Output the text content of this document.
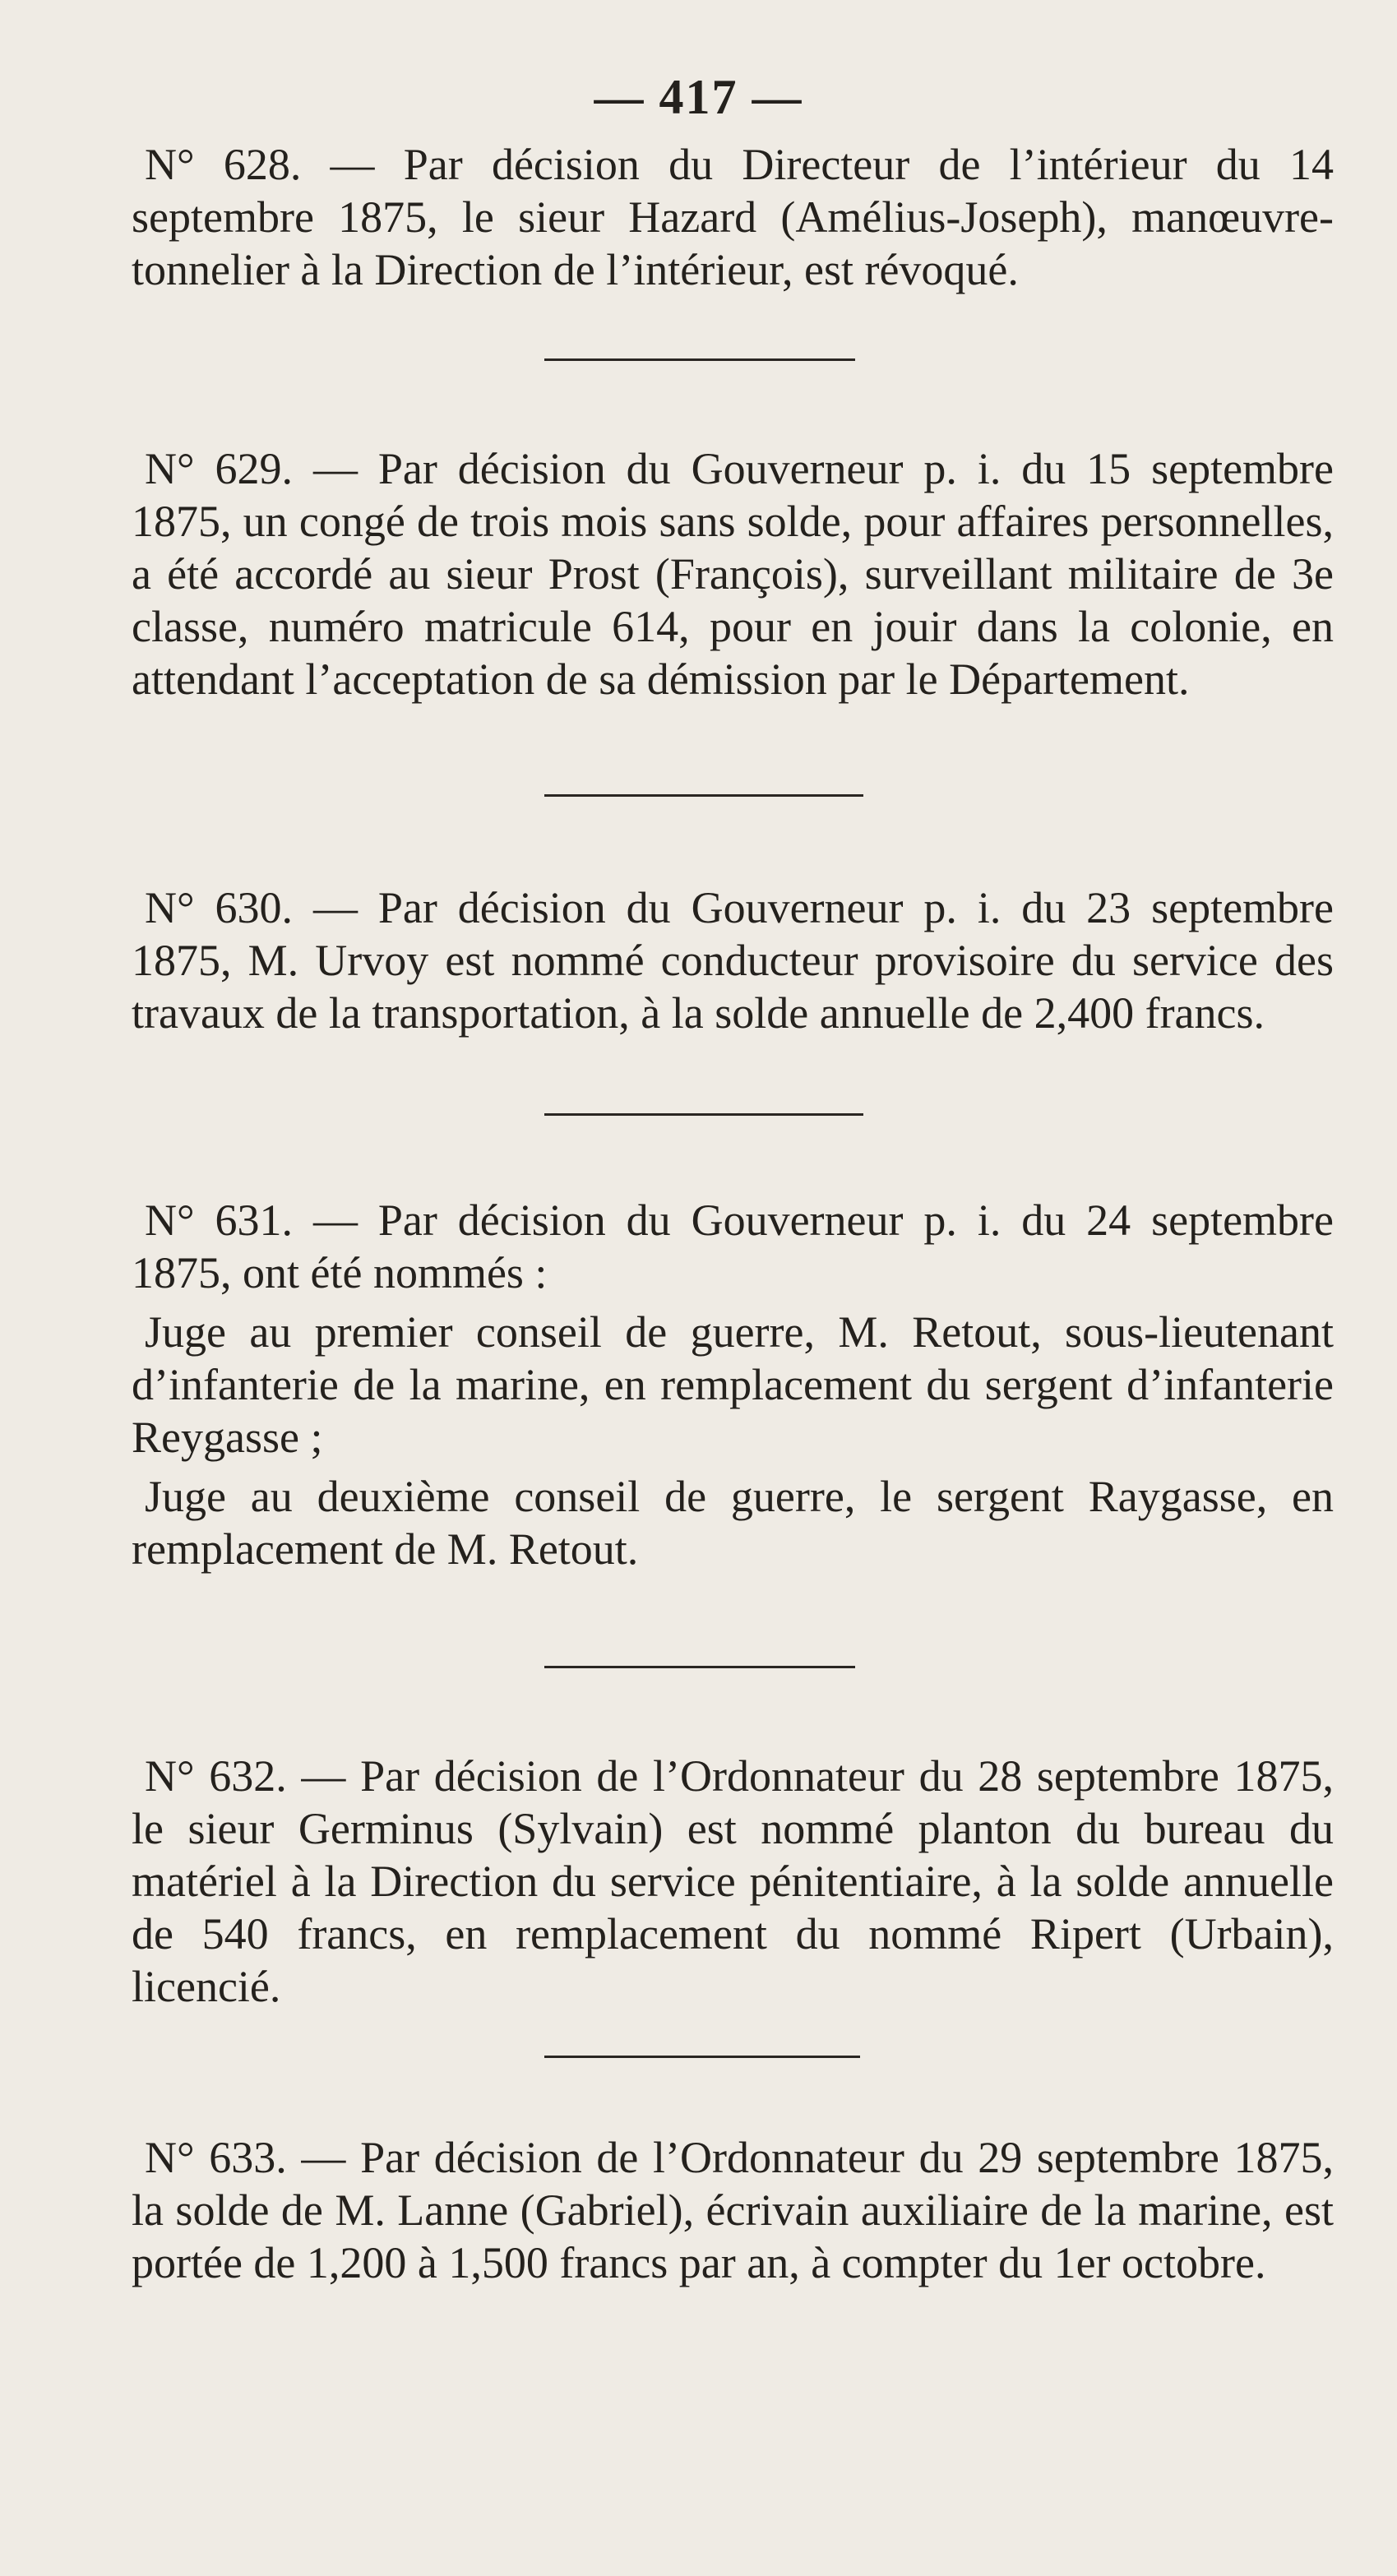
— 417 —

N° 628. — Par décision du Directeur de l’intérieur du 14 septembre 1875, le sieur Hazard (Amélius-Joseph), manœuvre-tonnelier à la Direction de l’intérieur, est révoqué.

N° 629. — Par décision du Gouverneur p. i. du 15 septembre 1875, un congé de trois mois sans solde, pour affaires personnelles, a été accordé au sieur Prost (François), surveillant militaire de 3e classe, numéro matricule 614, pour en jouir dans la colonie, en attendant l’acceptation de sa démission par le Département.

N° 630. — Par décision du Gouverneur p. i. du 23 septembre 1875, M. Urvoy est nommé conducteur provisoire du service des travaux de la transportation, à la solde annuelle de 2,400 francs.

N° 631. — Par décision du Gouverneur p. i. du 24 septembre 1875, ont été nommés :

Juge au premier conseil de guerre, M. Retout, sous-lieutenant d’infanterie de la marine, en remplacement du sergent d’infanterie Reygasse ;

Juge au deuxième conseil de guerre, le sergent Raygasse, en remplacement de M. Retout.

N° 632. — Par décision de l’Ordonnateur du 28 septembre 1875, le sieur Germinus (Sylvain) est nommé planton du bureau du matériel à la Direction du service pénitentiaire, à la solde annuelle de 540 francs, en remplacement du nommé Ripert (Urbain), licencié.

N° 633. — Par décision de l’Ordonnateur du 29 septembre 1875, la solde de M. Lanne (Gabriel), écrivain auxiliaire de la marine, est portée de 1,200 à 1,500 francs par an, à compter du 1er octobre.
